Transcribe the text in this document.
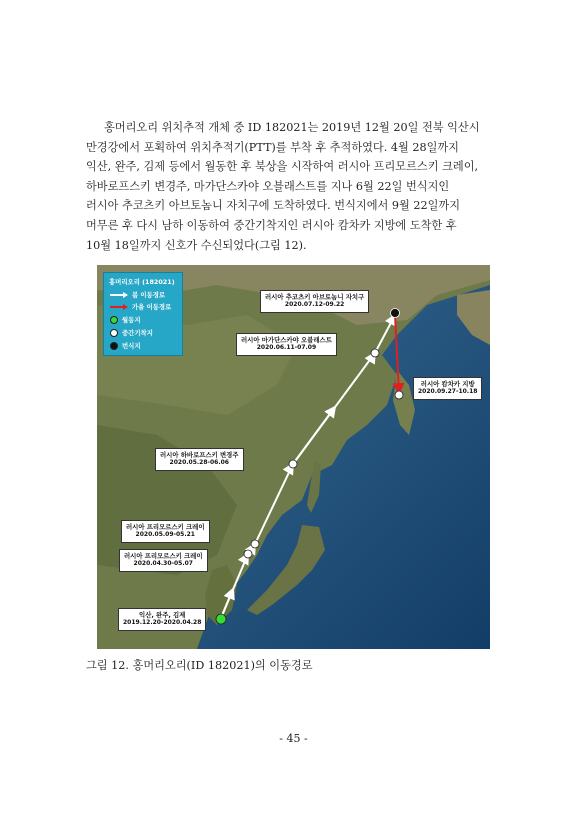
홍머리오리 위치추적 개체 중 ID 182021는 2019년 12월 20일 전북 익산시
만경강에서 포획하여 위치추적기(PTT)를 부착 후 추적하였다. 4월 28일까지
익산, 완주, 김제 등에서 월동한 후 북상을 시작하여 러시아 프리모르스키 크레이,
하바로프스키 변경주, 마가단스카야 오블래스트를 지나 6월 22일 번식지인
러시아 추코츠키 아브토놈니 자치구에 도착하였다. 번식지에서 9월 22일까지
머무른 후 다시 남하 이동하여 중간기착지인 러시아 캄차카 지방에 도착한 후
10월 18일까지 신호가 수신되었다(그림 12).
홍머리오리 (182021)
봄 이동경로
가을 이동경로
월동지
중간기착지
번식지
러시아 추코츠키 아브토놈니 자치구
2020.07.12-09.22
러시아 마가단스카야 오블래스트
2020.06.11-07.09
러시아 캄차카 지방
2020.09.27-10.18
러시아 하바로프스키 변경주
2020.05.28-06.06
러시아 프리모르스키 크레이
2020.05.09-05.21
러시아 프리모르스키 크레이
2020.04.30-05.07
익산, 완주, 김제
2019.12.20-2020.04.28
그림 12. 홍머리오리(ID 182021)의 이동경로
- 45 -
